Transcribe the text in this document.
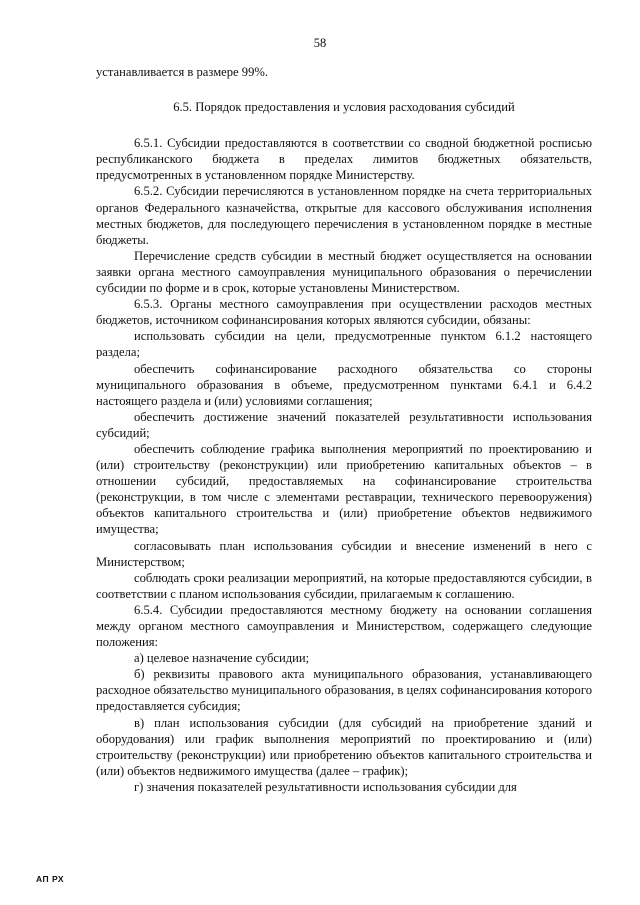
58

устанавливается в размере 99%.

6.5. Порядок предоставления и условия расходования субсидий

6.5.1. Субсидии предоставляются в соответствии со сводной бюджетной росписью республиканского бюджета в пределах лимитов бюджетных обязательств, предусмотренных в установленном порядке Министерству.

6.5.2. Субсидии перечисляются в установленном порядке на счета территориальных органов Федерального казначейства, открытые для кассового обслуживания исполнения местных бюджетов, для последующего перечисления в установленном порядке в местные бюджеты.

Перечисление средств субсидии в местный бюджет осуществляется на основании заявки органа местного самоуправления муниципального образования о перечислении субсидии по форме и в срок, которые установлены Министерством.

6.5.3. Органы местного самоуправления при осуществлении расходов местных бюджетов, источником софинансирования которых являются субсидии, обязаны:

использовать субсидии на цели, предусмотренные пунктом 6.1.2 настоящего раздела;

обеспечить софинансирование расходного обязательства со стороны муниципального образования в объеме, предусмотренном пунктами 6.4.1 и 6.4.2 настоящего раздела и (или) условиями соглашения;

обеспечить достижение значений показателей результативности использования субсидий;

обеспечить соблюдение графика выполнения мероприятий по проектированию и (или) строительству (реконструкции) или приобретению капитальных объектов – в отношении субсидий, предоставляемых на софинансирование строительства (реконструкции, в том числе с элементами реставрации, технического перевооружения) объектов капитального строительства и (или) приобретение объектов недвижимого имущества;

согласовывать план использования субсидии и внесение изменений в него с Министерством;

соблюдать сроки реализации мероприятий, на которые предоставляются субсидии, в соответствии с планом использования субсидии, прилагаемым к соглашению.

6.5.4. Субсидии предоставляются местному бюджету на основании соглашения между органом местного самоуправления и Министерством, содержащего следующие положения:

а) целевое назначение субсидии;

б) реквизиты правового акта муниципального образования, устанавливающего расходное обязательство муниципального образования, в целях софинансирования которого предоставляется субсидия;

в) план использования субсидии (для субсидий на приобретение зданий и оборудования) или график выполнения мероприятий по проектированию и (или) строительству (реконструкции) или приобретению объектов капитального строительства и (или) объектов недвижимого имущества (далее – график);

г) значения показателей результативности использования субсидии для

АП РХ
